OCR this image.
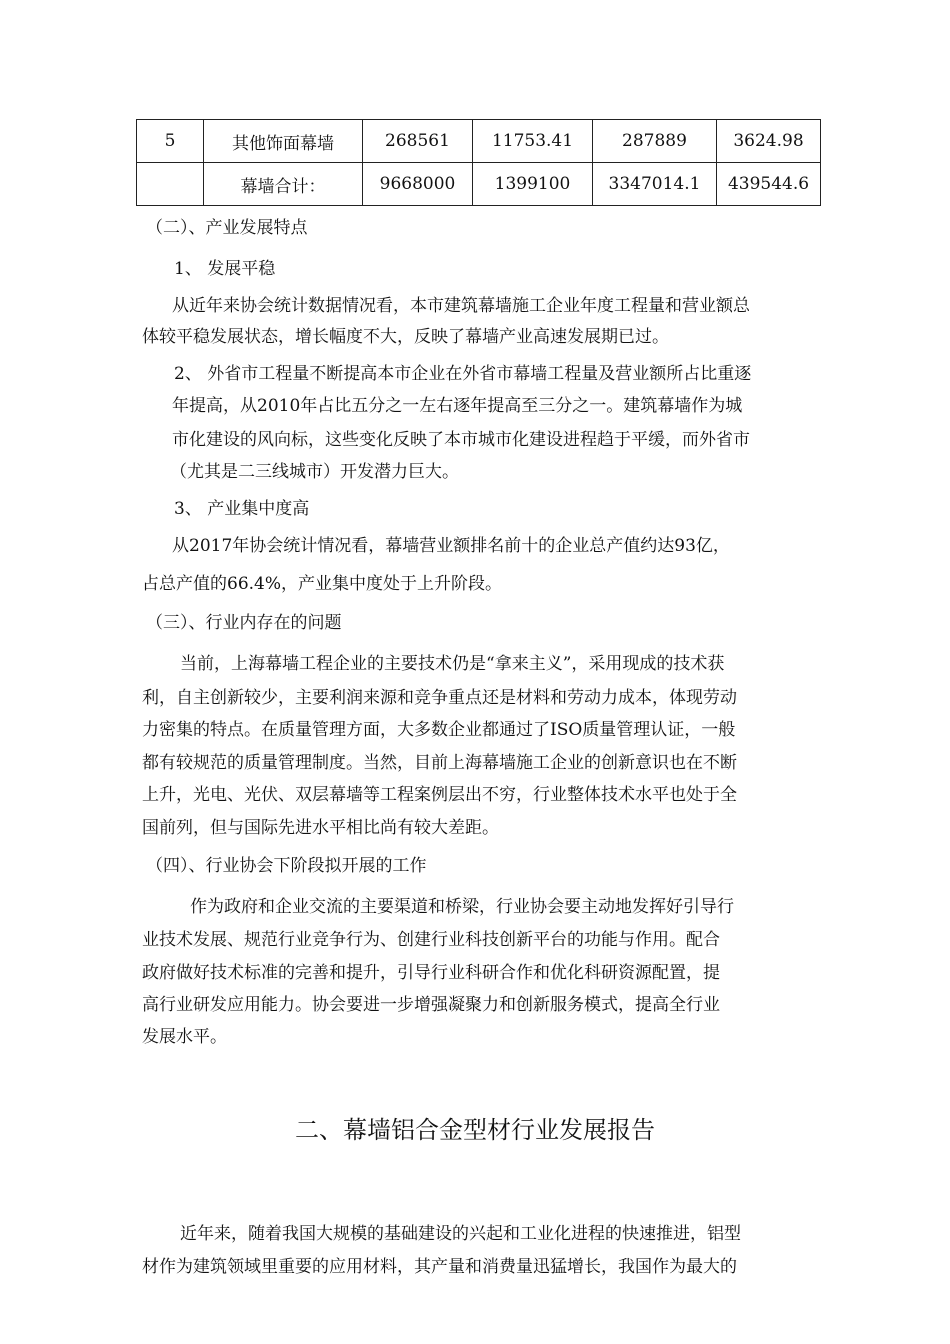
5	其他饰面幕墙	268561	11753.41	287889	3624.98
	幕墙合计：	9668000	1399100	3347014.1	439544.6
（二）、产业发展特点
1、 发展平稳
从近年来协会统计数据情况看，本市建筑幕墙施工企业年度工程量和营业额总
体较平稳发展状态，增长幅度不大，反映了幕墙产业高速发展期已过。
2、 外省市工程量不断提高本市企业在外省市幕墙工程量及营业额所占比重逐
年提高，从2010年占比五分之一左右逐年提高至三分之一。建筑幕墙作为城
市化建设的风向标，这些变化反映了本市城市化建设进程趋于平缓，而外省市
（尤其是二三线城市）开发潜力巨大。
3、 产业集中度高
从2017年协会统计情况看，幕墙营业额排名前十的企业总产值约达93亿，
占总产值的66.4%，产业集中度处于上升阶段。
（三）、行业内存在的问题
当前，上海幕墙工程企业的主要技术仍是“拿来主义”，采用现成的技术获
利，自主创新较少，主要利润来源和竞争重点还是材料和劳动力成本，体现劳动
力密集的特点。在质量管理方面，大多数企业都通过了ISO质量管理认证，一般
都有较规范的质量管理制度。当然，目前上海幕墙施工企业的创新意识也在不断
上升，光电、光伏、双层幕墙等工程案例层出不穷，行业整体技术水平也处于全
国前列，但与国际先进水平相比尚有较大差距。
（四）、行业协会下阶段拟开展的工作
作为政府和企业交流的主要渠道和桥梁，行业协会要主动地发挥好引导行
业技术发展、规范行业竞争行为、创建行业科技创新平台的功能与作用。配合
政府做好技术标准的完善和提升，引导行业科研合作和优化科研资源配置，提
高行业研发应用能力。协会要进一步增强凝聚力和创新服务模式，提高全行业
发展水平。
二、幕墙铝合金型材行业发展报告
近年来，随着我国大规模的基础建设的兴起和工业化进程的快速推进，铝型
材作为建筑领域里重要的应用材料，其产量和消费量迅猛增长，我国作为最大的
